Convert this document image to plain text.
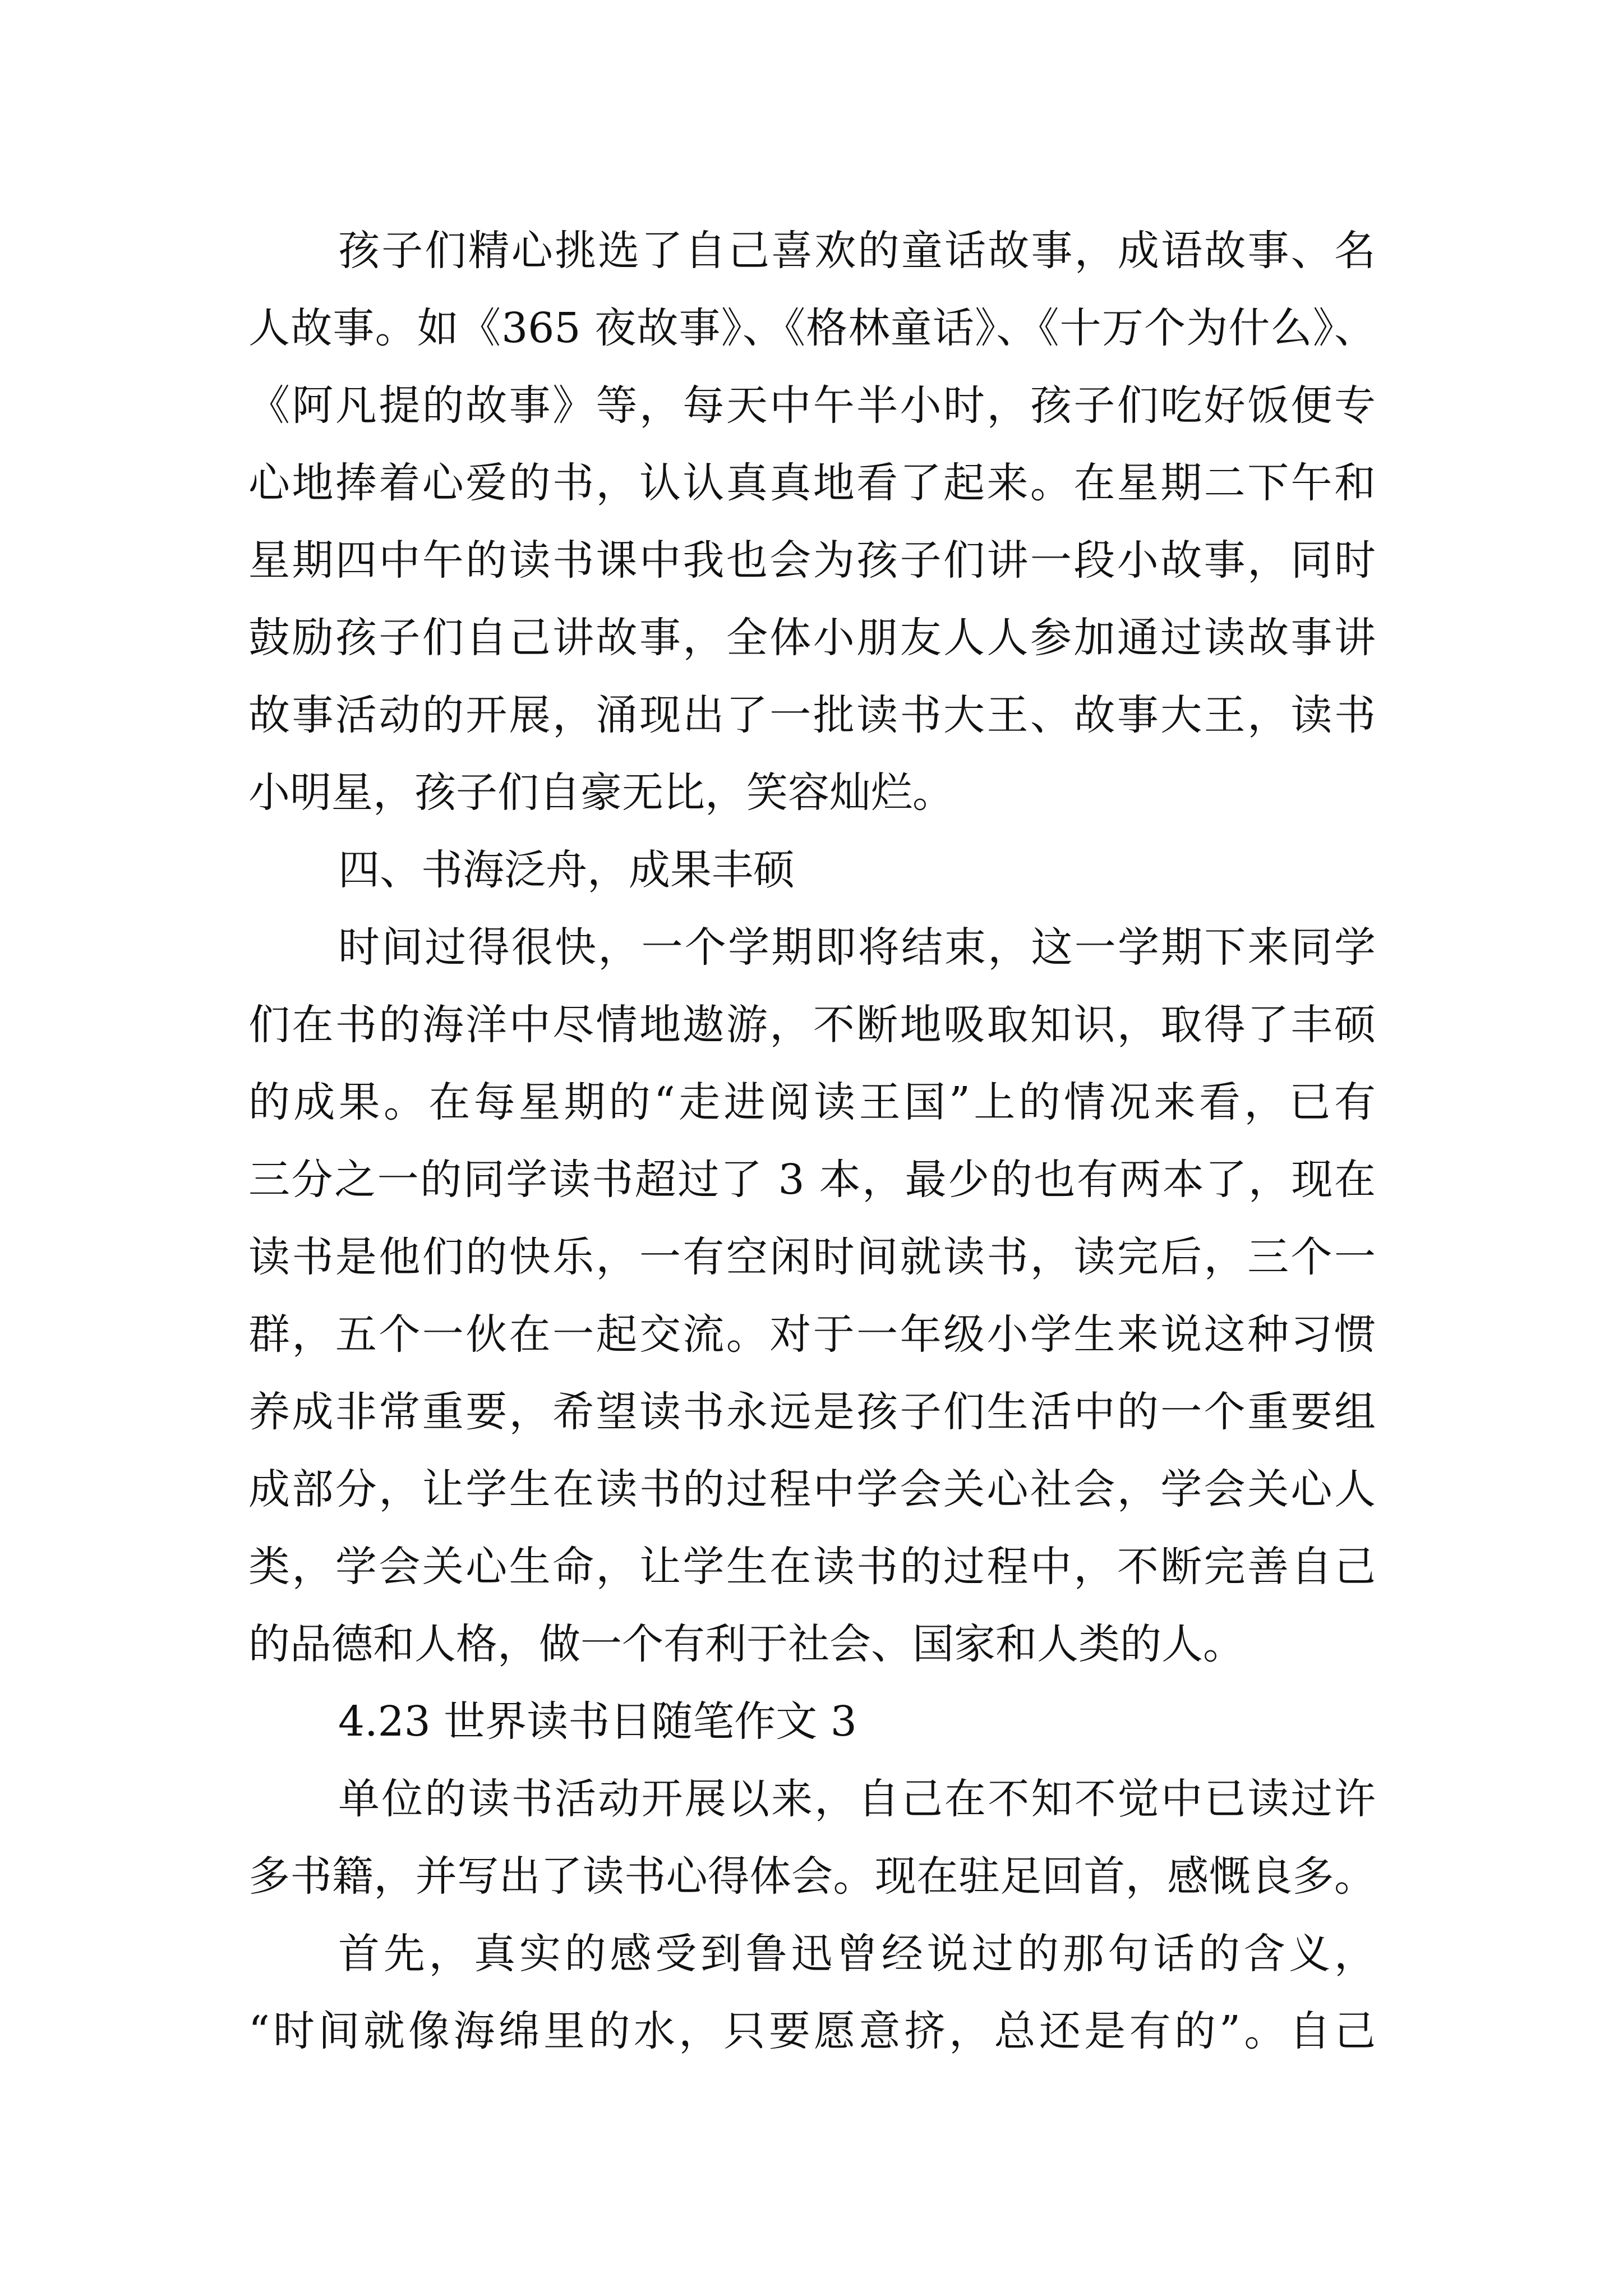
孩子们精心挑选了自己喜欢的童话故事，成语故事、名
人故事。如《365 夜故事》、《格林童话》、《十万个为什么》、
《阿凡提的故事》等，每天中午半小时，孩子们吃好饭便专
心地捧着心爱的书，认认真真地看了起来。在星期二下午和
星期四中午的读书课中我也会为孩子们讲一段小故事，同时
鼓励孩子们自己讲故事，全体小朋友人人参加通过读故事讲
故事活动的开展，涌现出了一批读书大王、故事大王，读书
小明星，孩子们自豪无比，笑容灿烂。
四、书海泛舟，成果丰硕
时间过得很快，一个学期即将结束，这一学期下来同学
们在书的海洋中尽情地遨游，不断地吸取知识，取得了丰硕
的成果。在每星期的“走进阅读王国”上的情况来看，已有
三分之一的同学读书超过了 3 本，最少的也有两本了，现在
读书是他们的快乐，一有空闲时间就读书，读完后，三个一
群，五个一伙在一起交流。对于一年级小学生来说这种习惯
养成非常重要，希望读书永远是孩子们生活中的一个重要组
成部分，让学生在读书的过程中学会关心社会，学会关心人
类，学会关心生命，让学生在读书的过程中，不断完善自己
的品德和人格，做一个有利于社会、国家和人类的人。
4.23 世界读书日随笔作文 3
单位的读书活动开展以来，自己在不知不觉中已读过许
多书籍，并写出了读书心得体会。现在驻足回首，感慨良多。
首先，真实的感受到鲁迅曾经说过的那句话的含义，
“时间就像海绵里的水，只要愿意挤，总还是有的”。自己
